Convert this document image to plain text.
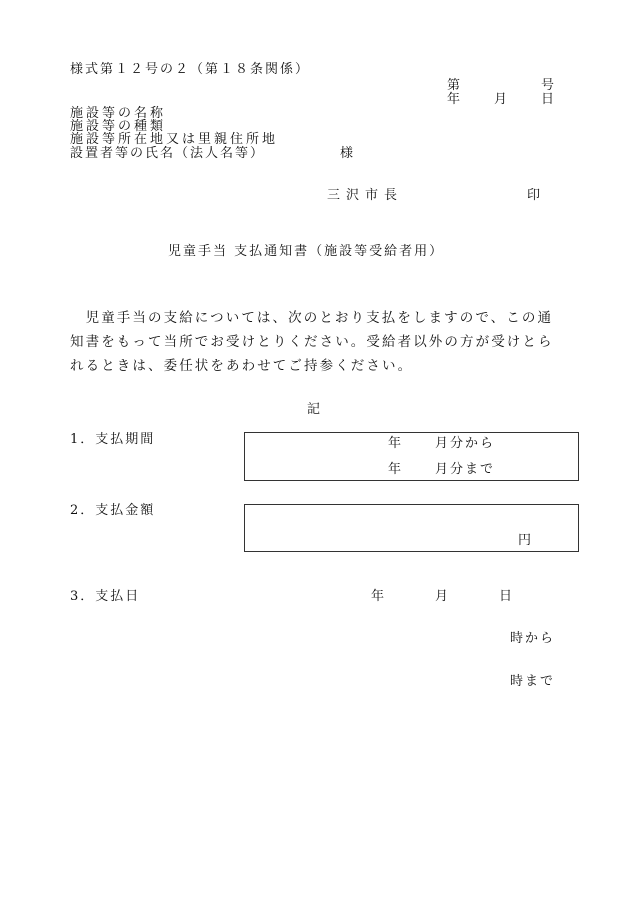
様式第１２号の２（第１８条関係）
第	号
年	月	日
施設等の名称
施設等の種類
施設等所在地又は里親住所地
設置者等の氏名（法人名等）	様
三沢市長	印
児童手当 支払通知書（施設等受給者用）
　児童手当の支給については、次のとおり支払をしますので、この通
知書をもって当所でお受けとりください。受給者以外の方が受けとら
れるときは、委任状をあわせてご持参ください。
記
1．支払期間	年	月分から
年	月分まで
2．支払金額
円
3．支払日	年	月	日
時から
時まで
